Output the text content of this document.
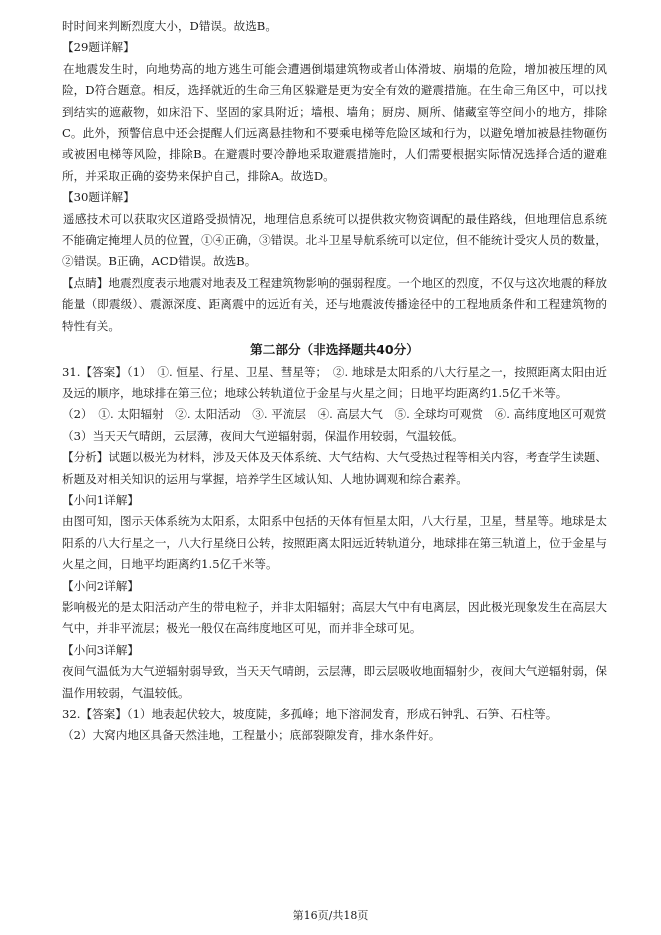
时时间来判断烈度大小，D错误。故选B。

【29题详解】

在地震发生时，向地势高的地方逃生可能会遭遇倒塌建筑物或者山体滑坡、崩塌的危险，增加被压埋的风险，D符合题意。相反，选择就近的生命三角区躲避是更为安全有效的避震措施。在生命三角区中，可以找到结实的遮蔽物，如床沿下、坚固的家具附近；墙根、墙角；厨房、厕所、储藏室等空间小的地方，排除C。此外，预警信息中还会提醒人们远离悬挂物和不要乘电梯等危险区域和行为，以避免增加被悬挂物砸伤或被困电梯等风险，排除B。在避震时要冷静地采取避震措施时，人们需要根据实际情况选择合适的避难所，并采取正确的姿势来保护自己，排除A。故选D。

【30题详解】

遥感技术可以获取灾区道路受损情况，地理信息系统可以提供救灾物资调配的最佳路线，但地理信息系统不能确定掩埋人员的位置，①④正确，③错误。北斗卫星导航系统可以定位，但不能统计受灾人员的数量，②错误。B正确，ACD错误。故选B。

【点睛】地震烈度表示地震对地表及工程建筑物影响的强弱程度。一个地区的烈度，不仅与这次地震的释放能量（即震级）、震源深度、距离震中的远近有关，还与地震波传播途径中的工程地质条件和工程建筑物的特性有关。

第二部分（非选择题共40分）

31.【答案】（1）　①. 恒星、行星、卫星、彗星等；　②. 地球是太阳系的八大行星之一，按照距离太阳由近及远的顺序，地球排在第三位；地球公转轨道位于金星与火星之间；日地平均距离约1.5亿千米等。

（2）　①. 太阳辐射　②. 太阳活动　③. 平流层　④. 高层大气　⑤. 全球均可观赏　⑥. 高纬度地区可观赏

（3）当天天气晴朗，云层薄，夜间大气逆辐射弱，保温作用较弱，气温较低。

【分析】试题以极光为材料，涉及天体及天体系统、大气结构、大气受热过程等相关内容，考查学生读题、析题及对相关知识的运用与掌握，培养学生区域认知、人地协调观和综合素养。

【小问1详解】

由图可知，图示天体系统为太阳系，太阳系中包括的天体有恒星太阳，八大行星，卫星，彗星等。地球是太阳系的八大行星之一，八大行星绕日公转，按照距离太阳远近转轨道分，地球排在第三轨道上，位于金星与火星之间，日地平均距离约1.5亿千米等。

【小问2详解】

影响极光的是太阳活动产生的带电粒子，并非太阳辐射；高层大气中有电离层，因此极光现象发生在高层大气中，并非平流层；极光一般仅在高纬度地区可见，而并非全球可见。

【小问3详解】

夜间气温低为大气逆辐射弱导致，当天天气晴朗，云层薄，即云层吸收地面辐射少，夜间大气逆辐射弱，保温作用较弱，气温较低。

32.【答案】（1）地表起伏较大，坡度陡，多孤峰；地下溶洞发育，形成石钟乳、石笋、石柱等。

（2）大窝内地区具备天然洼地，工程量小；底部裂隙发育，排水条件好。

第16页/共18页
